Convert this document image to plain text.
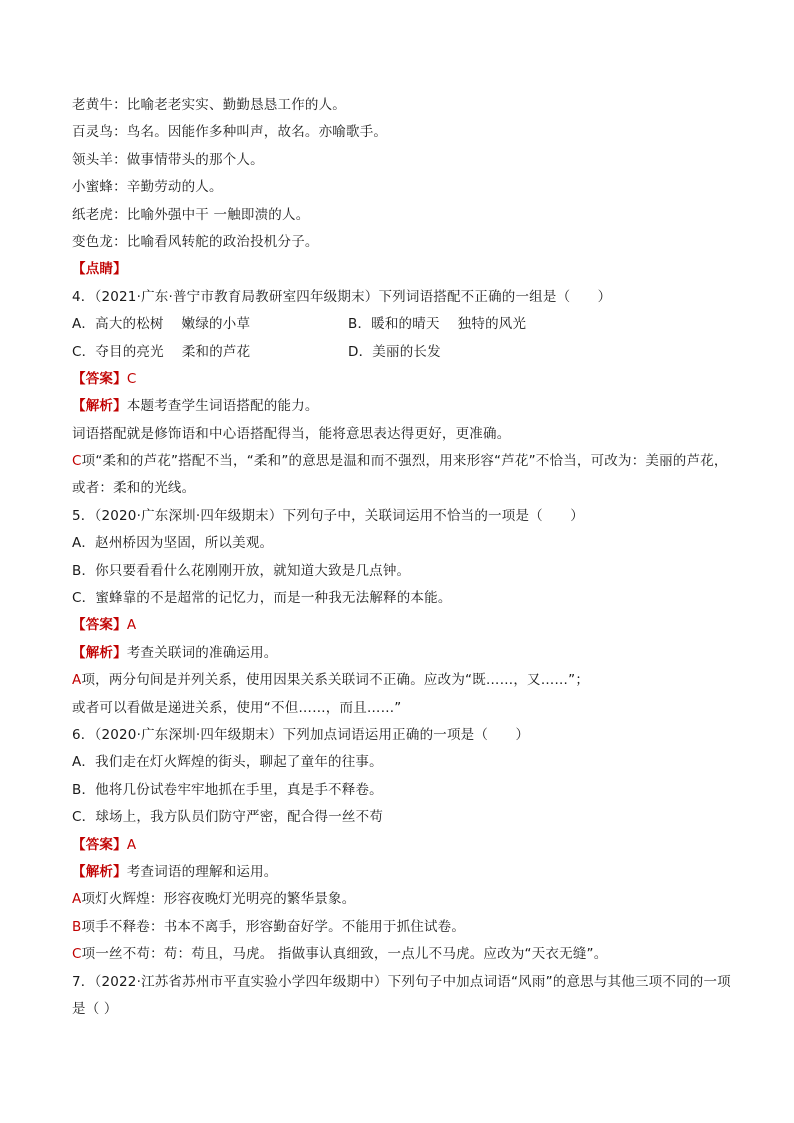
老黄牛：比喻老老实实、勤勤恳恳工作的人。
百灵鸟：鸟名。因能作多种叫声，故名。亦喻歌手。
领头羊：做事情带头的那个人。
小蜜蜂：辛勤劳动的人。
纸老虎：比喻外强中干 一触即溃的人。
变色龙：比喻看风转舵的政治投机分子。
【点睛】
4．（2021·广东·普宁市教育局教研室四年级期末）下列词语搭配不正确的一组是（　　）
A．高大的松树 嫩绿的小草	B．暖和的晴天 独特的风光
C．夺目的亮光 柔和的芦花	D．美丽的长发
【答案】C
【解析】本题考查学生词语搭配的能力。
词语搭配就是修饰语和中心语搭配得当，能将意思表达得更好，更准确。
C项“柔和的芦花”搭配不当，“柔和”的意思是温和而不强烈，用来形容“芦花”不恰当，可改为：美丽的芦花，或者：柔和的光线。
5．（2020·广东深圳·四年级期末）下列句子中，关联词运用不恰当的一项是（　　）
A．赵州桥因为坚固，所以美观。
B．你只要看看什么花刚刚开放，就知道大致是几点钟。
C．蜜蜂靠的不是超常的记忆力，而是一种我无法解释的本能。
【答案】A
【解析】考查关联词的准确运用。
A项，两分句间是并列关系，使用因果关系关联词不正确。应改为“既……，又……”；
或者可以看做是递进关系，使用“不但……，而且……”
6．（2020·广东深圳·四年级期末）下列加点词语运用正确的一项是（　　）
A．我们走在灯火辉煌的街头，聊起了童年的往事。
B．他将几份试卷牢牢地抓在手里，真是手不释卷。
C．球场上，我方队员们防守严密，配合得一丝不苟
【答案】A
【解析】考查词语的理解和运用。
A项灯火辉煌：形容夜晚灯光明亮的繁华景象。
B项手不释卷：书本不离手，形容勤奋好学。不能用于抓住试卷。
C项一丝不苟：苟：苟且，马虎。 指做事认真细致，一点儿不马虎。应改为“天衣无缝”。
7．（2022·江苏省苏州市平直实验小学四年级期中）下列句子中加点词语“风雨”的意思与其他三项不同的一项是（ ）
